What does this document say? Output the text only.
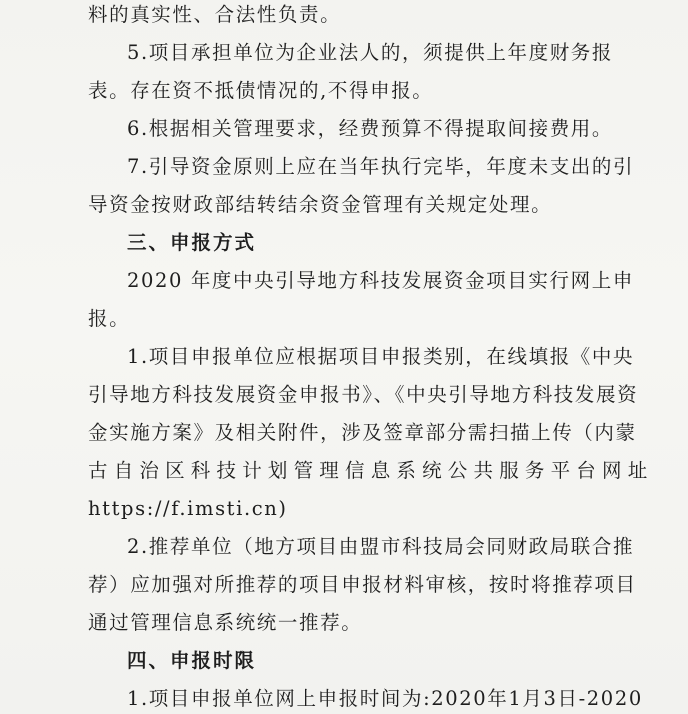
料的真实性、合法性负责。
5.项目承担单位为企业法人的，须提供上年度财务报
表。存在资不抵债情况的,不得申报。
6.根据相关管理要求，经费预算不得提取间接费用。
7.引导资金原则上应在当年执行完毕，年度未支出的引
导资金按财政部结转结余资金管理有关规定处理。
三、申报方式
2020 年度中央引导地方科技发展资金项目实行网上申
报。
1.项目申报单位应根据项目申报类别，在线填报《中央
引导地方科技发展资金申报书》、《中央引导地方科技发展资
金实施方案》及相关附件，涉及签章部分需扫描上传（内蒙
古自治区科技计划管理信息系统公共服务平台网址
https://f.imsti.cn)
2.推荐单位（地方项目由盟市科技局会同财政局联合推
荐）应加强对所推荐的项目申报材料审核，按时将推荐项目
通过管理信息系统统一推荐。
四、申报时限
1.项目申报单位网上申报时间为:2020年1月3日-2020
